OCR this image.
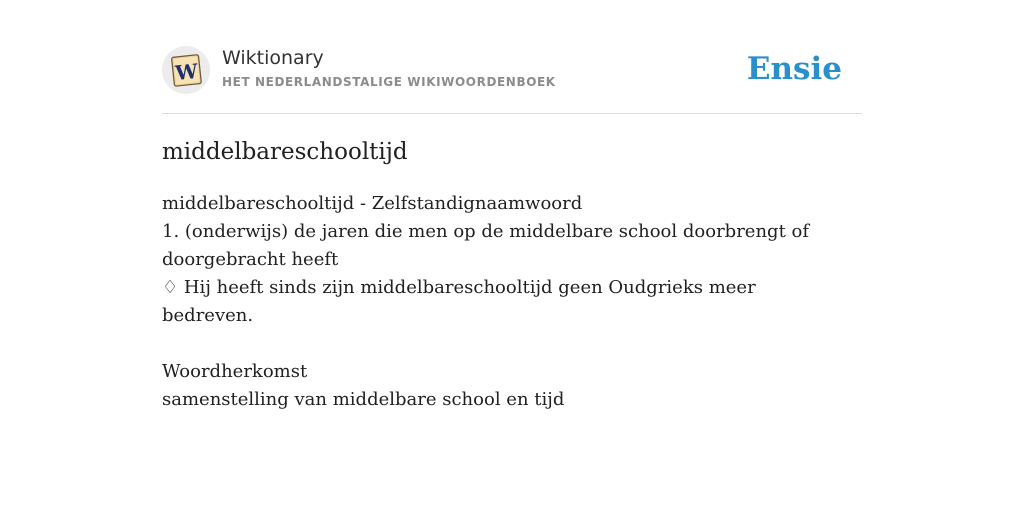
W
Wiktionary
HET NEDERLANDSTALIGE WIKIWOORDENBOEK	Ensie
middelbareschooltijd

middelbareschooltijd - Zelfstandignaamwoord

1. (onderwijs) de jaren die men op de middelbare school doorbrengt of doorgebracht heeft

♢ Hij heeft sinds zijn middelbareschooltijd geen Oudgrieks meer bedreven.

Woordherkomst

samenstelling van middelbare school en tijd
